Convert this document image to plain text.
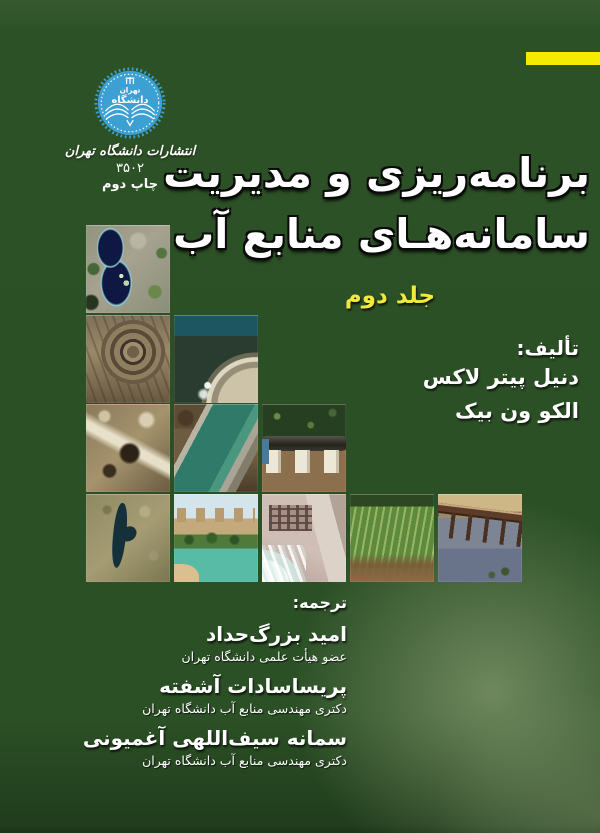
تهران
دانشگاه
انتشارات دانشگاه تهران
۳۵۰۲
چاپ دوم برنامه‌ریزی و مدیریت
سامانه‌هـای منابع آب
جلد دوم
تألیف:
دنیل پیتر لاکس
الکو ون بیک
ترجمه:
امید بزرگ‌حداد
عضو هیأت علمی دانشگاه تهران
پریساسادات آشفته
دکتری مهندسی منابع آب دانشگاه تهران
سمانه سیف‌اللهی آغمیونی
دکتری مهندسی منابع آب دانشگاه تهران
